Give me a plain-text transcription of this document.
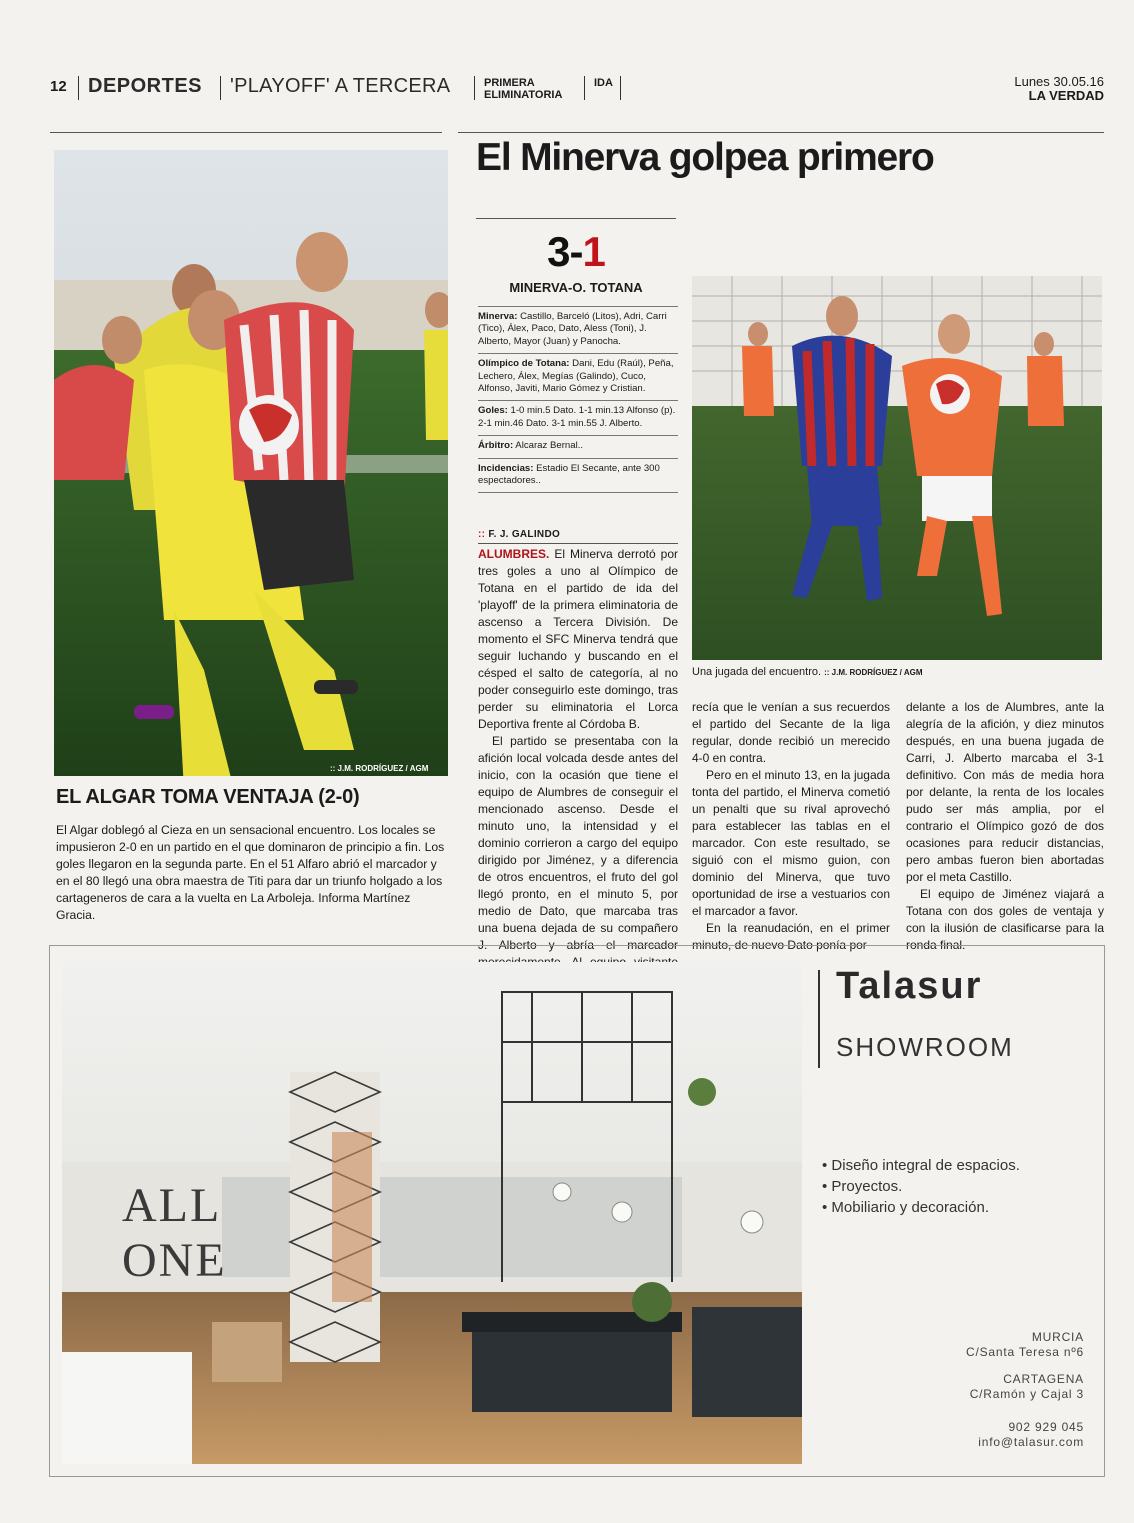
12 DEPORTES 'PLAYOFF' A TERCERA	PRIMERA
ELIMINATORIA
IDA	Lunes 30.05.16
LA VERDAD
:: J.M. RODRÍGUEZ / AGM
EL ALGAR TOMA VENTAJA (2-0)
El Algar doblegó al Cieza en un sensacional encuentro. Los locales se impusieron 2-0 en un partido en el que dominaron de principio a fin. Los goles llegaron en la segunda parte. En el 51 Alfaro abrió el marcador y en el 80 llegó una obra maestra de Titi para dar un triunfo holgado a los cartageneros de cara a la vuelta en La Arboleja. Informa Martínez Gracia.
El Minerva golpea primero
3-1
MINERVA-O. TOTANA
Minerva: Castillo, Barceló (Litos), Adri, Carri (Tico), Álex, Paco, Dato, Aless (Toni), J. Alberto, Mayor (Juan) y Panocha.
Olímpico de Totana: Dani, Edu (Raúl), Peña, Lechero, Álex, Megías (Galindo), Cuco, Alfonso, Javiti, Mario Gómez y Cristian.
Goles: 1-0 min.5 Dato. 1-1 min.13 Alfonso (p). 2-1 min.46 Dato. 3-1 min.55 J. Alberto.
Árbitro: Alcaraz Bernal..
Incidencias: Estadio El Secante, ante 300 espectadores..
:: F. J. GALINDO
Una jugada del encuentro. :: J.M. RODRÍGUEZ / AGM

ALUMBRES. El Minerva derrotó por tres goles a uno al Olímpico de Totana en el partido de ida del 'playoff' de la primera eliminatoria de ascenso a Tercera División. De momento el SFC Minerva tendrá que seguir luchando y buscando en el césped el salto de categoría, al no poder conseguirlo este domingo, tras perder su eliminatoria el Lorca Deportiva frente al Córdoba B.

El partido se presentaba con la afición local volcada desde antes del inicio, con la ocasión que tiene el equipo de Alumbres de conseguir el mencionado ascenso. Desde el minuto uno, la intensidad y el dominio corrieron a cargo del equipo dirigido por Jiménez, y a diferencia de otros encuentros, el fruto del gol llegó pronto, en el minuto 5, por medio de Dato, que marcaba tras una buena dejada de su compañero J. Alberto y abría el marcador

recía que le venían a sus recuerdos el partido del Secante de la liga regular, donde recibió un merecido 4-0 en contra.

Pero en el minuto 13, en la jugada tonta del partido, el Minerva cometió un penalti que su rival aprovechó para establecer las tablas en el marcador. Con este resultado, se siguió con el mismo guion, con dominio del Minerva, que tuvo oportunidad de irse a vestuarios con el marcador a favor.

En la reanudación, en el primer minuto, de nuevo Dato ponía por

delante a los de Alumbres, ante la alegría de la afición, y diez minutos después, en una buena jugada de Carri, J. Alberto marcaba el 3-1 definitivo. Con más de media hora por delante, la renta de los locales pudo ser más amplia, por el contrario el Olímpico gozó de dos ocasiones para reducir distancias, pero ambas fueron bien abortadas por el meta Castillo.

El equipo de Jiménez viajará a Totana con dos goles de ventaja y con la ilusión de clasificarse para la ronda final.

ALL
ONE
Talasur
SHOWROOM
• Diseño integral de espacios.
• Proyectos.
• Mobiliario y decoración.
MURCIA
C/Santa Teresa nº6
CARTAGENA
C/Ramón y Cajal 3
902 929 045
info@talasur.com
